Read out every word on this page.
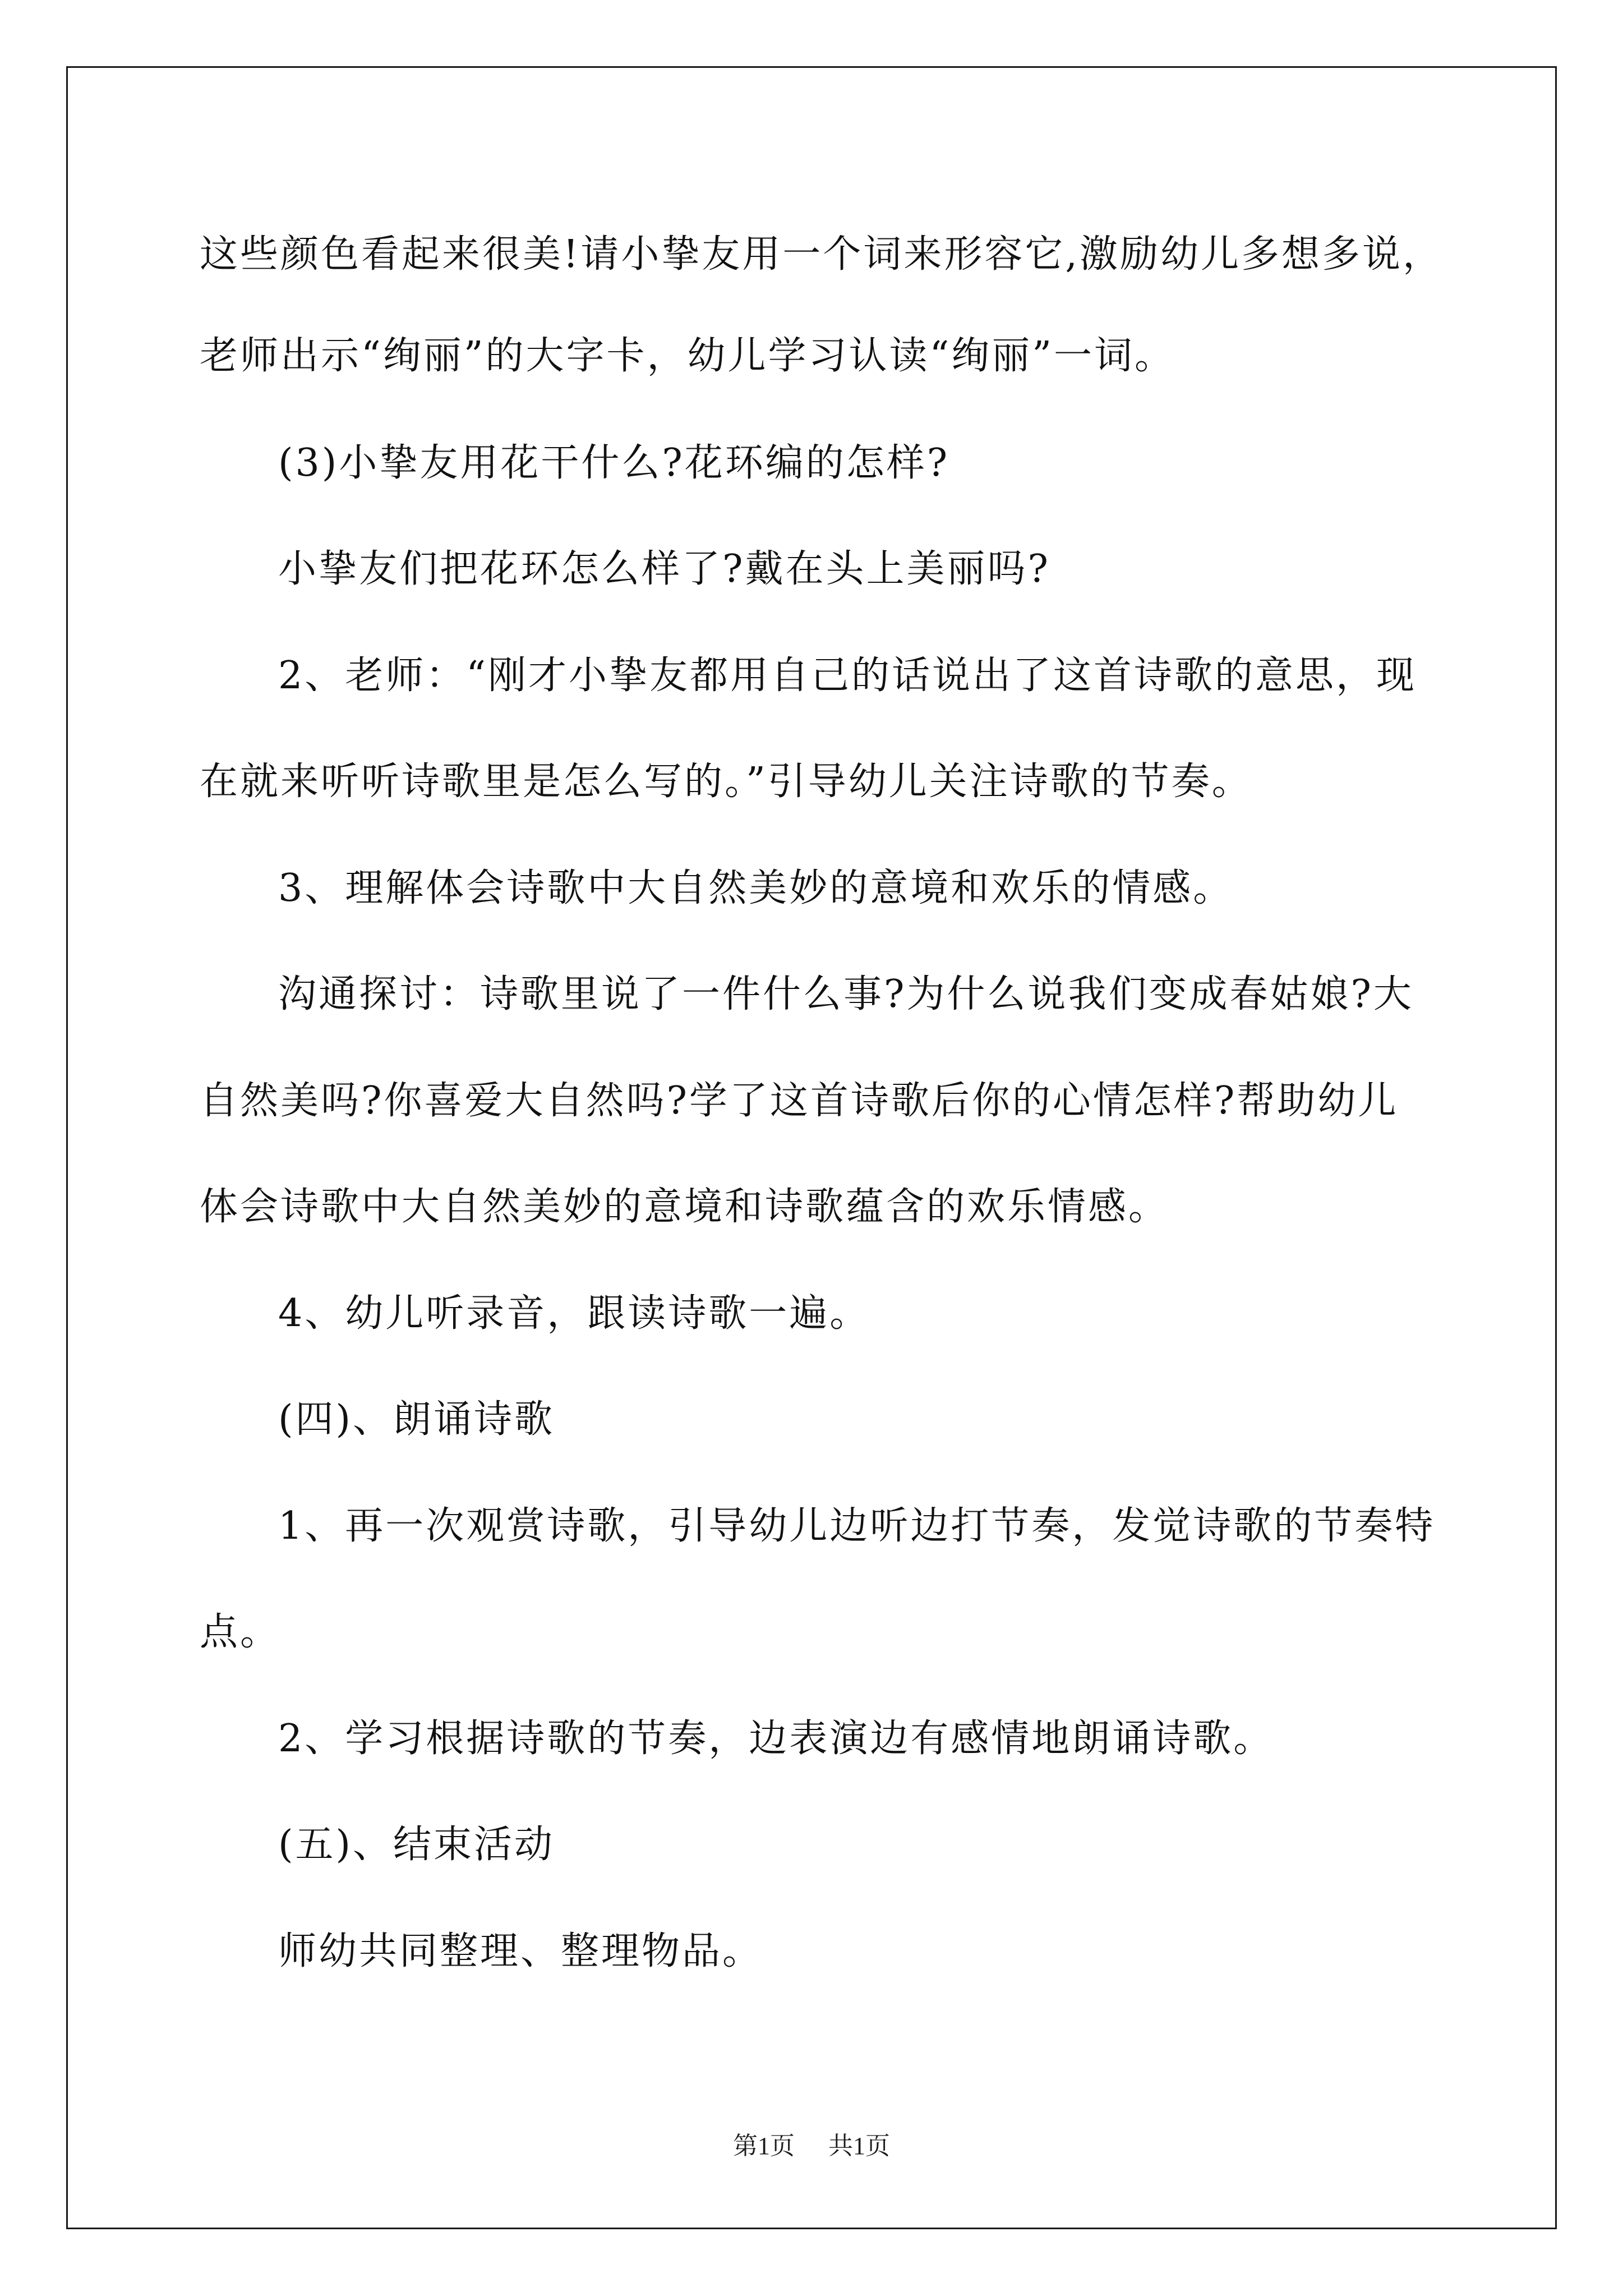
这些颜色看起来很美!请小挚友用一个词来形容它,激励幼儿多想多说，
老师出示“绚丽”的大字卡，幼儿学习认读“绚丽”一词。
(3)小挚友用花干什么?花环编的怎样?
小挚友们把花环怎么样了?戴在头上美丽吗?
2、老师：“刚才小挚友都用自己的话说出了这首诗歌的意思，现
在就来听听诗歌里是怎么写的。”引导幼儿关注诗歌的节奏。
3、理解体会诗歌中大自然美妙的意境和欢乐的情感。
沟通探讨：诗歌里说了一件什么事?为什么说我们变成春姑娘?大
自然美吗?你喜爱大自然吗?学了这首诗歌后你的心情怎样?帮助幼儿
体会诗歌中大自然美妙的意境和诗歌蕴含的欢乐情感。
4、幼儿听录音，跟读诗歌一遍。
(四)、朗诵诗歌
1、再一次观赏诗歌，引导幼儿边听边打节奏，发觉诗歌的节奏特
点。
2、学习根据诗歌的节奏，边表演边有感情地朗诵诗歌。
(五)、结束活动
师幼共同整理、整理物品。
第1页 共1页
